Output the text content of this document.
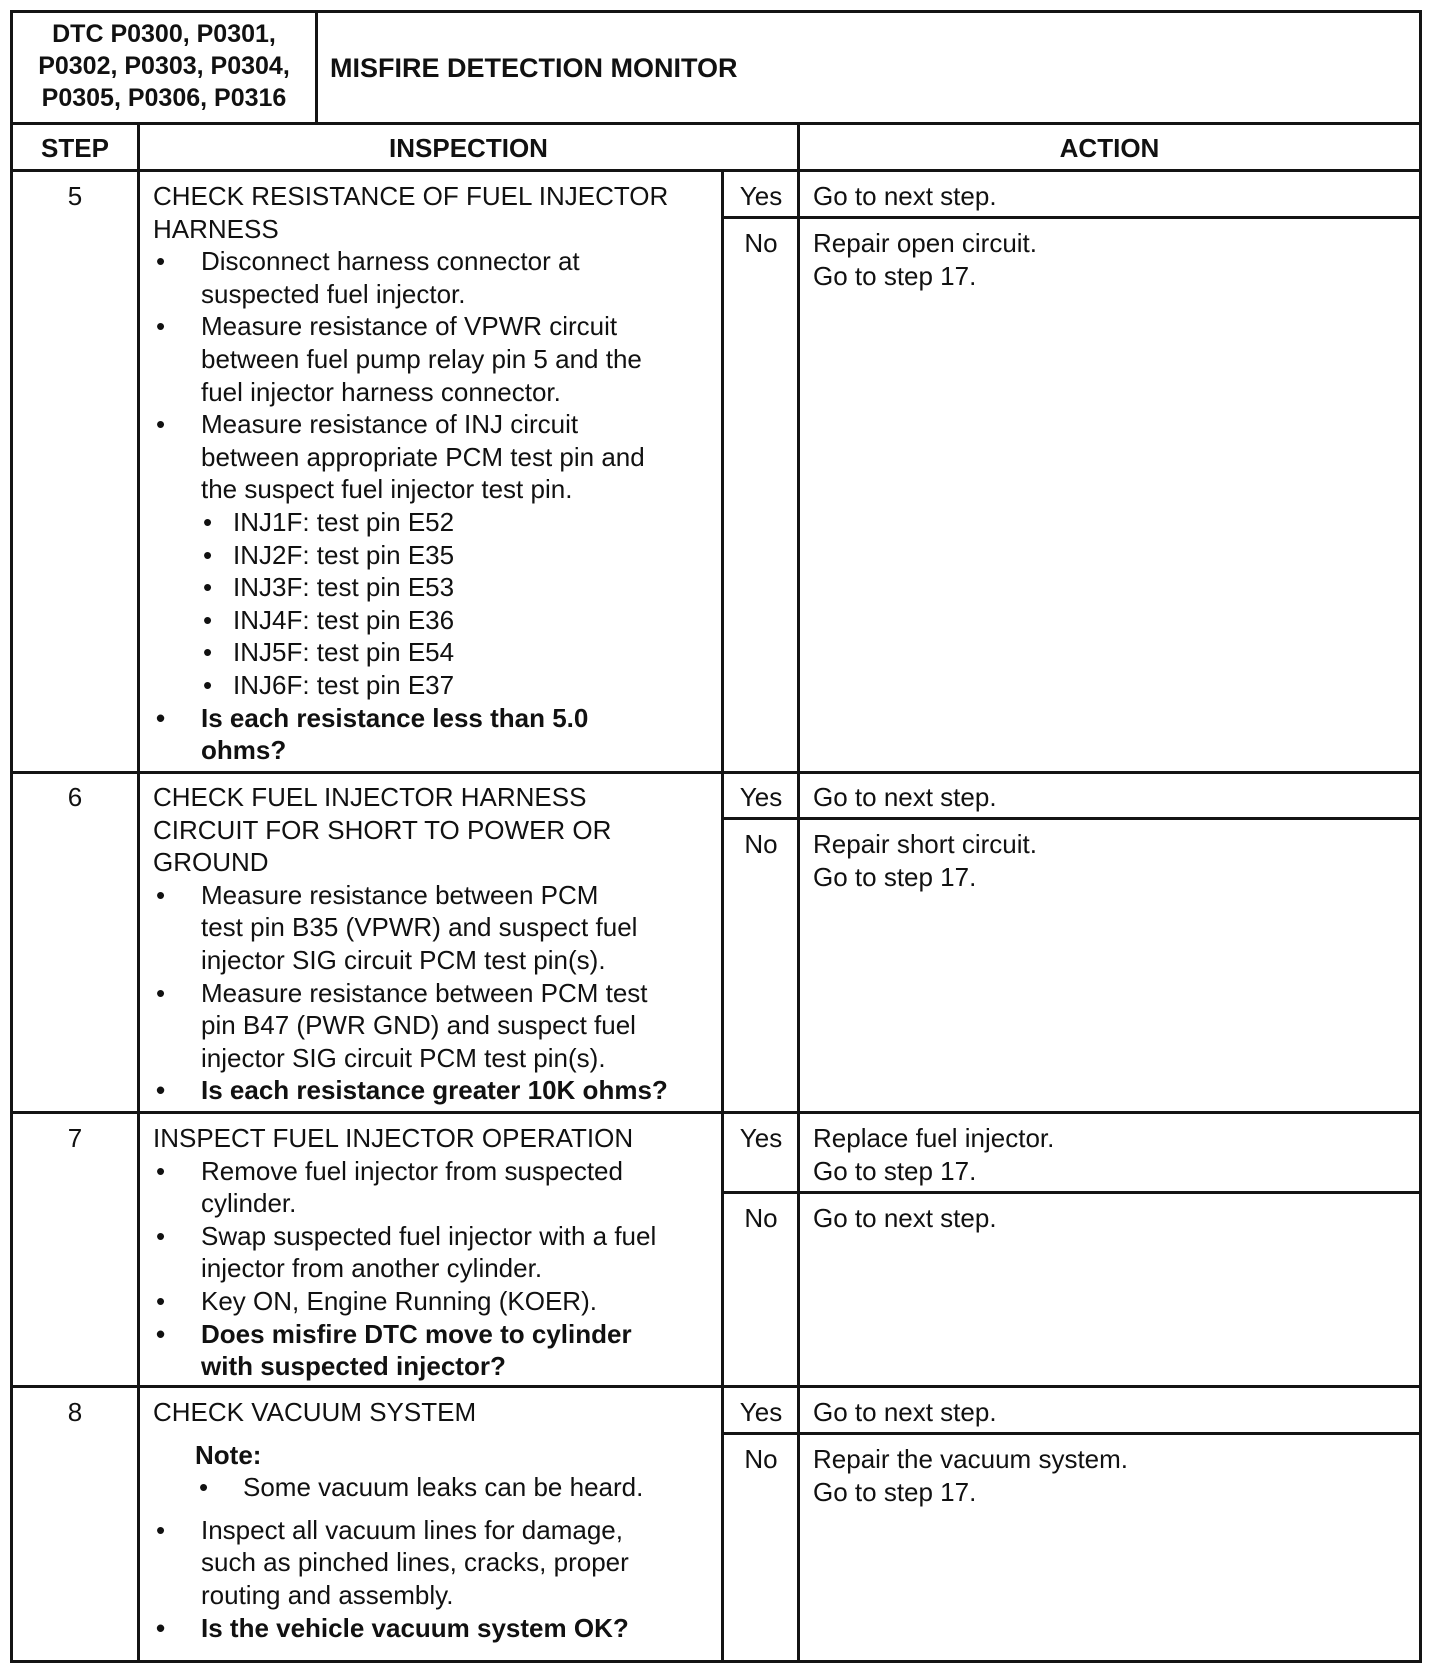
DTC P0300, P0301,
P0302, P0303, P0304,
P0305, P0306, P0316
MISFIRE DETECTION MONITOR
STEP	INSPECTION	ACTION
5	CHECK RESISTANCE OF FUEL INJECTOR
HARNESS
• Disconnect harness connector at
suspected fuel injector.
• Measure resistance of VPWR circuit
between fuel pump relay pin 5 and the
fuel injector harness connector.
• Measure resistance of INJ circuit
between appropriate PCM test pin and
the suspect fuel injector test pin.
• INJ1F: test pin E52
• INJ2F: test pin E35
• INJ3F: test pin E53
• INJ4F: test pin E36
• INJ5F: test pin E54
• INJ6F: test pin E37
• Is each resistance less than 5.0
ohms?
Yes	Go to next step.
No	Repair open circuit.
Go to step 17.
6	CHECK FUEL INJECTOR HARNESS
CIRCUIT FOR SHORT TO POWER OR
GROUND
• Measure resistance between PCM
test pin B35 (VPWR) and suspect fuel
injector SIG circuit PCM test pin(s).
• Measure resistance between PCM test
pin B47 (PWR GND) and suspect fuel
injector SIG circuit PCM test pin(s).
• Is each resistance greater 10K ohms?
Yes	Go to next step.
No	Repair short circuit.
Go to step 17.
7	INSPECT FUEL INJECTOR OPERATION
• Remove fuel injector from suspected
cylinder.
• Swap suspected fuel injector with a fuel
injector from another cylinder.
• Key ON, Engine Running (KOER).
• Does misfire DTC move to cylinder
with suspected injector?
Yes	Replace fuel injector.
Go to step 17.
No	Go to next step.
8	CHECK VACUUM SYSTEM
Note:
• Some vacuum leaks can be heard.
• Inspect all vacuum lines for damage,
such as pinched lines, cracks, proper
routing and assembly.
• Is the vehicle vacuum system OK?
Yes	Go to next step.
No	Repair the vacuum system.
Go to step 17.
